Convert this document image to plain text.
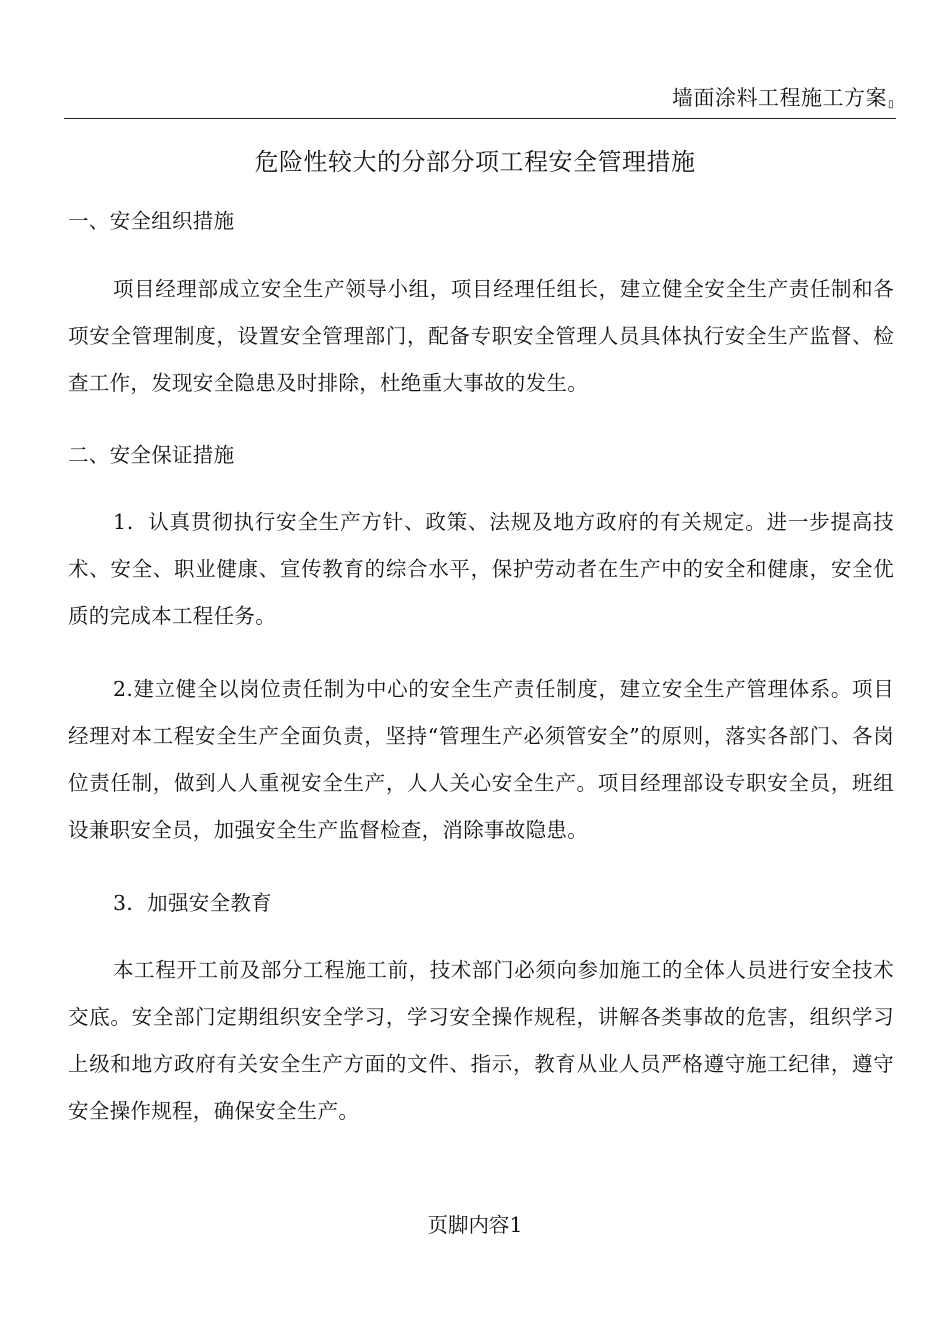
墙面涂料工程施工方案▯
危险性较大的分部分项工程安全管理措施

一、安全组织措施

项目经理部成立安全生产领导小组，项目经理任组长，建立健全安全生产责任制和各项安全管理制度，设置安全管理部门，配备专职安全管理人员具体执行安全生产监督、检查工作，发现安全隐患及时排除，杜绝重大事故的发生。

二、安全保证措施

1．认真贯彻执行安全生产方针、政策、法规及地方政府的有关规定。进一步提高技术、安全、职业健康、宣传教育的综合水平，保护劳动者在生产中的安全和健康，安全优质的完成本工程任务。

2.建立健全以岗位责任制为中心的安全生产责任制度，建立安全生产管理体系。项目经理对本工程安全生产全面负责，坚持“管理生产必须管安全”的原则，落实各部门、各岗位责任制，做到人人重视安全生产，人人关心安全生产。项目经理部设专职安全员，班组设兼职安全员，加强安全生产监督检查，消除事故隐患。

3．加强安全教育

本工程开工前及部分工程施工前，技术部门必须向参加施工的全体人员进行安全技术交底。安全部门定期组织安全学习，学习安全操作规程，讲解各类事故的危害，组织学习上级和地方政府有关安全生产方面的文件、指示，教育从业人员严格遵守施工纪律，遵守安全操作规程，确保安全生产。

页脚内容1
